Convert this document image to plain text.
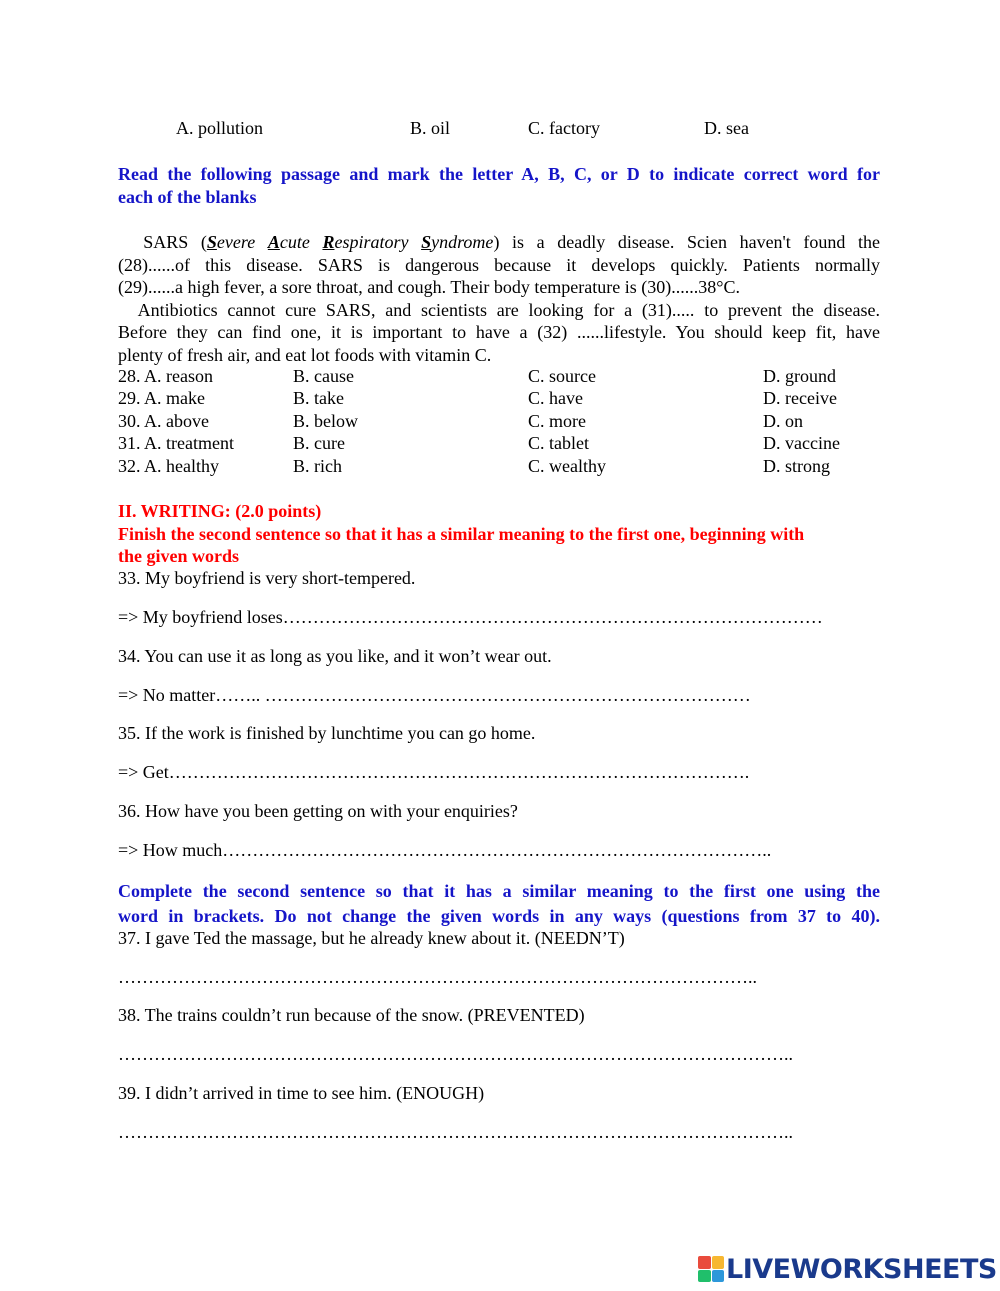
A. pollution	B. oil	C. factory	D. sea
Read the following passage and mark the letter A, B, C, or D to indicate correct word for
each of the blanks
SARS (Severe Acute Respiratory Syndrome) is a deadly disease. Scien haven't found the
(28)......of this disease. SARS is dangerous because it develops quickly. Patients normally
(29)......a high fever, a sore throat, and cough. Their body temperature is (30)......38°C.
Antibiotics cannot cure SARS, and scientists are looking for a (31)..... to prevent the disease.
Before they can find one, it is important to have a (32) ......lifestyle. You should keep fit, have
plenty of fresh air, and eat lot foods with vitamin C.
28. A. reason	B. cause	C. source	D. ground
29. A. make	B. take	C. have	D. receive
30. A. above	B. below	C. more	D. on
31. A. treatment	B. cure	C. tablet	D. vaccine
32. A. healthy	B. rich	C. wealthy	D. strong
II. WRITING: (2.0 points)
Finish the second sentence so that it has a similar meaning to the first one, beginning with
the given words
33. My boyfriend is very short-tempered.
=> My boyfriend loses………………………………………………………………………………
34. You can use it as long as you like, and it won’t wear out.
=> No matter…….. ………………………………………………………………………
35. If the work is finished by lunchtime you can go home.
=> Get…………………………………………………………………………………….
36. How have you been getting on with your enquiries?
=> How much………………………………………………………………………………..
Complete the second sentence so that it has a similar meaning to the first one using the
word in brackets. Do not change the given words in any ways (questions from 37 to 40).
37. I gave Ted the massage, but he already knew about it. (NEEDN’T)
……………………………………………………………………………………………..
38. The trains couldn’t run because of the snow. (PREVENTED)
…………………………………………………………………………………………………..
39. I didn’t arrived in time to see him. (ENOUGH)
…………………………………………………………………………………………………..
LIVEWORKSHEETS
